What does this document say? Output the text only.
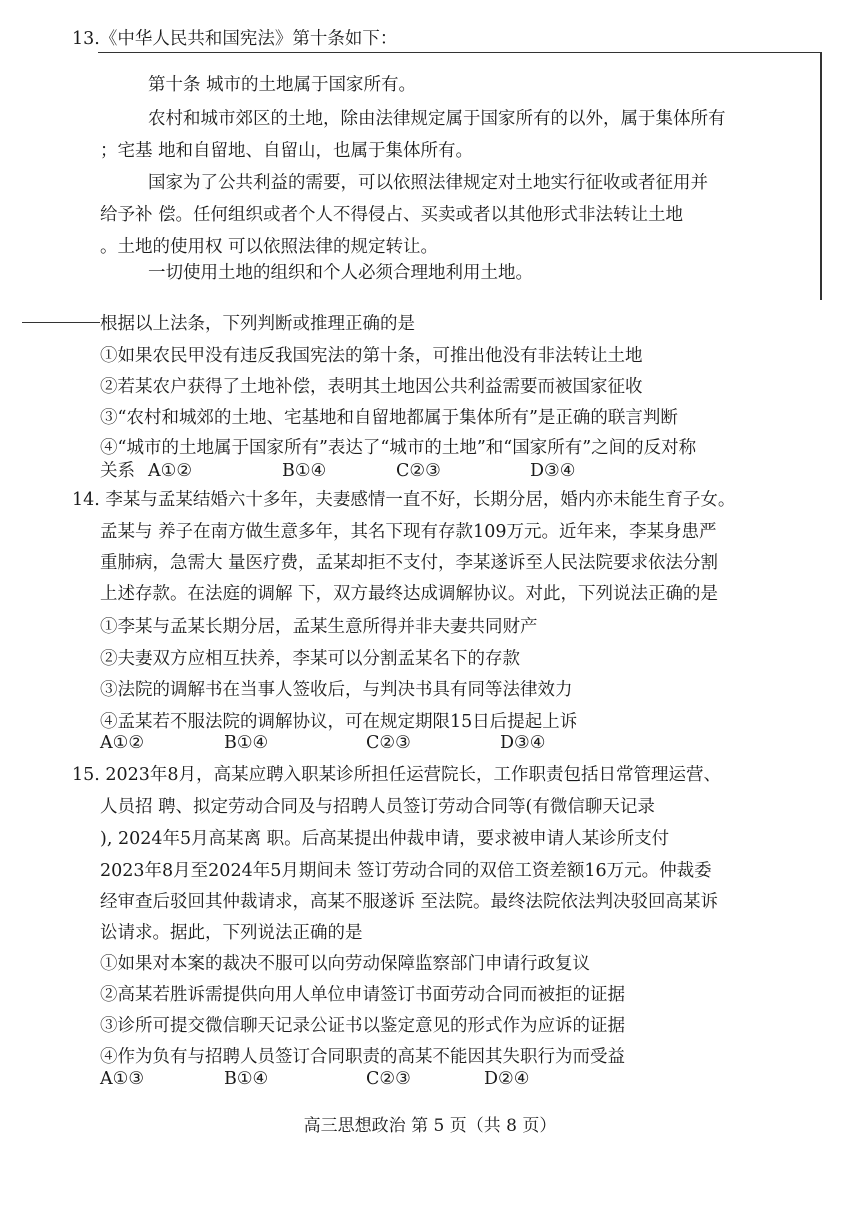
13.《中华人民共和国宪法》第十条如下：
第十条 城市的土地属于国家所有。
农村和城市郊区的土地，除由法律规定属于国家所有的以外，属于集体所有
；宅基 地和自留地、自留山，也属于集体所有。
国家为了公共利益的需要，可以依照法律规定对土地实行征收或者征用并
给予补 偿。任何组织或者个人不得侵占、买卖或者以其他形式非法转让土地
。土地的使用权 可以依照法律的规定转让。
一切使用土地的组织和个人必须合理地利用土地。
根据以上法条，下列判断或推理正确的是
①如果农民甲没有违反我国宪法的第十条，可推出他没有非法转让土地
②若某农户获得了土地补偿，表明其土地因公共利益需要而被国家征收
③“农村和城郊的土地、宅基地和自留地都属于集体所有”是正确的联言判断
④“城市的土地属于国家所有”表达了“城市的土地”和“国家所有”之间的反对称
关系 A①②	B①④	C②③	D③④
14. 李某与孟某结婚六十多年，夫妻感情一直不好，长期分居，婚内亦未能生育子女。
孟某与 养子在南方做生意多年，其名下现有存款109万元。近年来，李某身患严
重肺病，急需大 量医疗费，孟某却拒不支付，李某遂诉至人民法院要求依法分割
上述存款。在法庭的调解 下，双方最终达成调解协议。对此，下列说法正确的是
①李某与孟某长期分居，孟某生意所得并非夫妻共同财产
②夫妻双方应相互扶养，李某可以分割孟某名下的存款
③法院的调解书在当事人签收后，与判决书具有同等法律效力
④孟某若不服法院的调解协议，可在规定期限15日后提起上诉
A①②	B①④	C②③	D③④
15. 2023年8月，高某应聘入职某诊所担任运营院长，工作职责包括日常管理运营、
人员招 聘、拟定劳动合同及与招聘人员签订劳动合同等(有微信聊天记录
), 2024年5月高某离 职。后高某提出仲裁申请，要求被申请人某诊所支付
2023年8月至2024年5月期间未 签订劳动合同的双倍工资差额16万元。仲裁委
经审查后驳回其仲裁请求，高某不服遂诉 至法院。最终法院依法判决驳回高某诉
讼请求。据此，下列说法正确的是
①如果对本案的裁决不服可以向劳动保障监察部门申请行政复议
②高某若胜诉需提供向用人单位申请签订书面劳动合同而被拒的证据
③诊所可提交微信聊天记录公证书以鉴定意见的形式作为应诉的证据
④作为负有与招聘人员签订合同职责的高某不能因其失职行为而受益
A①③	B①④	C②③	D②④
高三思想政治 第 5 页（共 8 页）
